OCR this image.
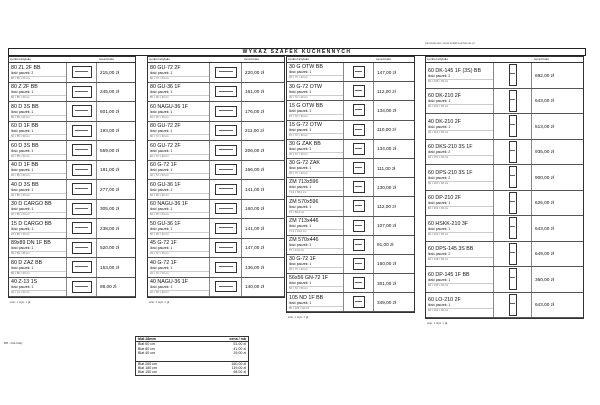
zamówienia: www.szafki-kuchenne.pl
WYKAZ SZAFEK KUCHENNYCH
symbol artykułu	cena brutto
80 ZL 2F BB
ilość paczek: 2
80 × 85 × 60 cm
215,00 zł
80 Z 2F BB
ilość paczek: 1
80 × 85 × 60 cm
245,00 zł
80 D 3S BB
ilość paczek: 1
80 × 85 × 60 cm
601,00 zł
60 D 1F BB
ilość paczek: 1
60 × 85 × 60 cm
193,00 zł
60 D 3S BB
ilość paczek: 1
60 × 85 × 60 cm
559,00 zł
40 D 1F BB
ilość paczek: 1
40 × 85 × 60 cm
181,00 zł
40 D 3S BB
ilość paczek: 1
40 × 85 × 60 cm
277,00 zł
30 D CARGO BB
ilość paczek: 1
30 × 85 × 60 cm
305,00 zł
15 D CARGO BB
ilość paczek: 1
15 × 85 × 60 cm
238,00 zł
89x89 DN 1F BB
ilość paczek: 1
89 × 85 × 89 cm
520,00 zł
80 D ZAZ BB
ilość paczek: 1
80 × 85 × 60 cm
153,00 zł
40 Z-13 1S
ilość paczek: 1
40 × 13 × 60 cm
98,00 zł
symbol artykułu	cena brutto
80 GU-72 2F
ilość paczek: 1
80 × 72 × 30 cm
220,00 zł
80 GU-36 1F
ilość paczek: 1
80 × 36 × 30 cm
161,00 zł
60 NAGU-36 1F
ilość paczek: 1
60 × 36 × 30 cm
176,00 zł
80 GU-72 2F
ilość paczek: 1
80 × 72 × 30 cm
211,00 zł
60 GU-72 2F
ilość paczek: 1
60 × 72 × 30 cm
206,00 zł
60 G-72 1F
ilość paczek: 1
60 × 72 × 30 cm
166,00 zł
60 GU-36 1F
ilość paczek: 1
60 × 36 × 30 cm
141,00 zł
60 NAGU-36 1F
ilość paczek: 1
60 × 36 × 30 cm
160,00 zł
50 GU-36 1F
ilość paczek: 1
50 × 36 × 30 cm
141,00 zł
45 G-72 1F
ilość paczek: 1
45 × 72 × 30 cm
147,00 zł
40 G-72 1F
ilość paczek: 1
40 × 72 × 30 cm
136,00 zł
40 NAGU-36 1F
ilość paczek: 1
40 × 36 × 30 cm
140,00 zł
symbol artykułu	cena brutto
30 G OTW BB
ilość paczek: 1
30 × 72 × 30 cm
147,00 zł
30 G-72 OTW
ilość paczek: 1
30 × 72 × 30 cm
112,00 zł
15 G OTW BB
ilość paczek: 1
15 × 72 × 30 cm
134,00 zł
15 G-72 OTW
ilość paczek: 1
15 × 72 × 30 cm
110,00 zł
30 G ZAK BB
ilość paczek: 1
30 × 72 × 30 cm
134,00 zł
30 G-72 ZAK
ilość paczek: 1
30 × 72 × 30 cm
111,00 zł
ZM 713x596
ilość paczek: 1
71,3 × 59,6 cm
130,00 zł
ZM 570x596
ilość paczek: 1
57 × 59,6 cm
112,00 zł
ZM 713x446
ilość paczek: 1
71,3 × 44,6 cm
107,00 zł
ZM 570x446
ilość paczek: 1
57 × 44,6 cm
91,00 zł
30 G-72 1F
ilość paczek: 1
30 × 72 × 30 cm
160,00 zł
56x56 GN-72 1F
ilość paczek: 1
56 × 72 × 56 cm
301,00 zł
105 ND 1F BB
ilość paczek: 1
80 × 105 × 60 cm
349,00 zł
symbol artykułu	cena brutto
60 DK-145 1F (3S) BB
ilość paczek: 2
60 × 145 × 60 cm
692,00 zł
60 DK-210 2F
ilość paczek: 1
60 × 210 × 60 cm
643,00 zł
40 DK-210 2F
ilość paczek: 1
40 × 210 × 60 cm
513,00 zł
60 DKS-210 3S 1F
ilość paczek: 2
60 × 210 × 60 cm
935,00 zł
60 DPS-210 3S 1F
ilość paczek: 2
60 × 210 × 60 cm
900,00 zł
60 DP-210 2F
ilość paczek: 1
60 × 210 × 60 cm
626,00 zł
60 HSKK-210 3F
ilość paczek: 1
60 × 210 × 60 cm
643,00 zł
60 DPS-145 3S BB
ilość paczek: 2
60 × 145 × 60 cm
649,00 zł
60 DP-145 1F BB
ilość paczek: 1
60 × 145 × 60 cm
360,00 zł
60 LO-210 2F
ilość paczek: 1
60 × 210 × 60 cm
643,00 zł
BB - blat biały
blat 28mm	cena / mb
Blat 60 cm	51,00 zł
Blat 80 cm	41,00 zł
Blat 40 cm	29,00 zł
Blat 260 cm	160,00 zł
Blat 180 cm	119,00 zł
Blat 150 cm	98,00 zł
szer. × wys. × gł.	szer. × wys. × gł.
szer. × wys. × gł.
szer. × wys. × gł.
